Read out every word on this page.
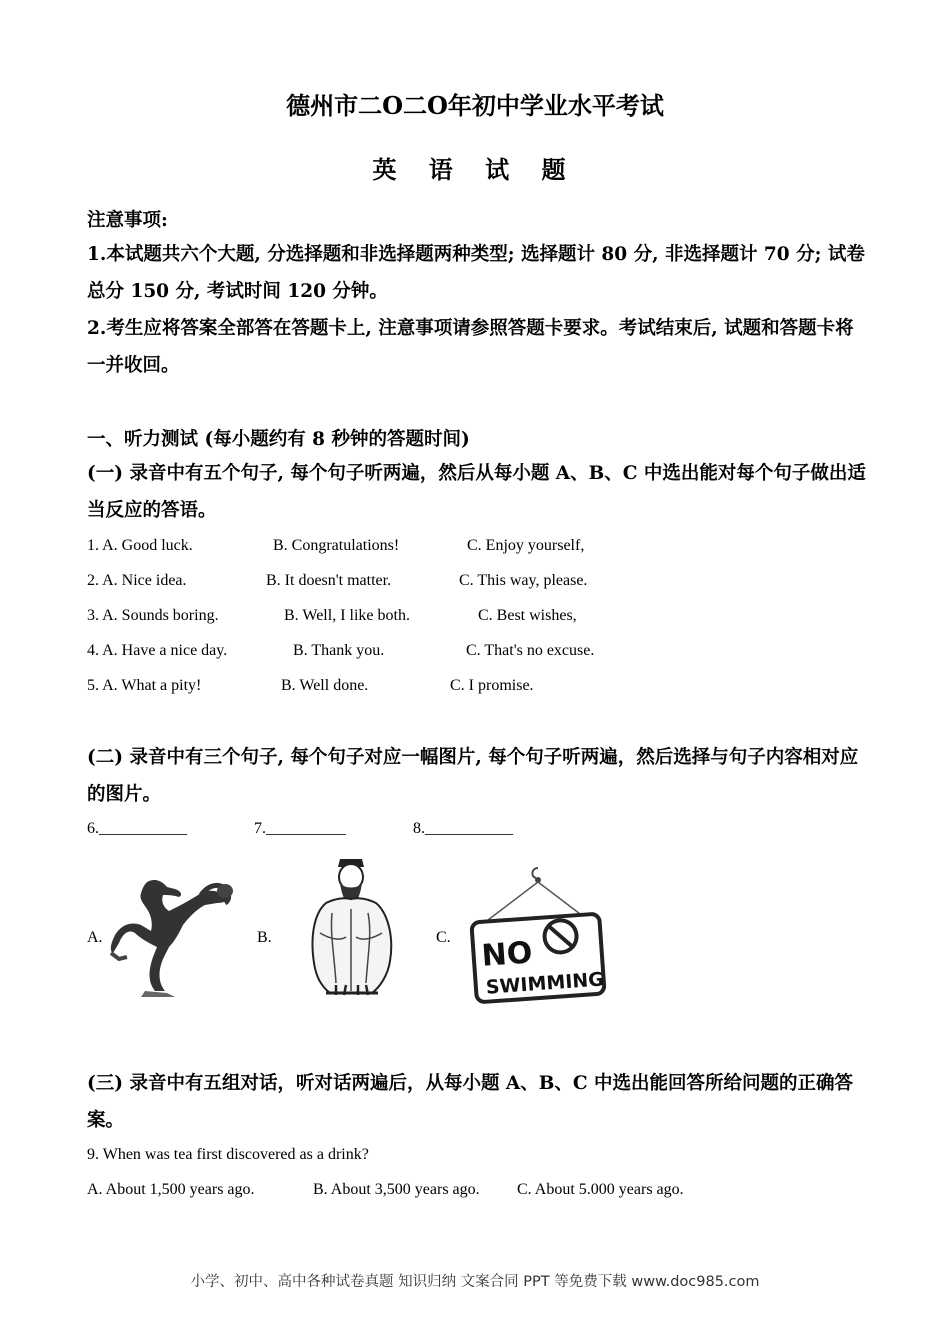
德州市二O二O年初中学业水平考试
英 语 试 题
注意事项:
1.本试题共六个大题, 分选择题和非选择题两种类型; 选择题计 80 分, 非选择题计 70 分; 试卷总分 150 分, 考试时间 120 分钟。
2.考生应将答案全部答在答题卡上, 注意事项请参照答题卡要求。考试结束后, 试题和答题卡将一并收回。
一、听力测试 (每小题约有 8 秒钟的答题时间)
(一) 录音中有五个句子, 每个句子听两遍，然后从每小题 A、B、C 中选出能对每个句子做出适当反应的答语。
1. A. Good luck.	B. Congratulations!	C. Enjoy yourself,
2. A. Nice idea.	B. It doesn't matter.	C. This way, please.
3. A. Sounds boring.	B. Well, I like both.	C. Best wishes,
4. A. Have a nice day.	B. Thank you.	C. That's no excuse.
5. A. What a pity!	B. Well done.	C. I promise.
(二) 录音中有三个句子, 每个句子对应一幅图片, 每个句子听两遍，然后选择与句子内容相对应的图片。
6.___________	7.__________	8.___________
A.	B.	C. NO
SWIMMING
(三) 录音中有五组对话，听对话两遍后，从每小题 A、B、C 中选出能回答所给问题的正确答案。
9. When was tea first discovered as a drink?
A. About 1,500 years ago.	B. About 3,500 years ago. C. About 5.000 years ago.
小学、初中、高中各种试卷真题 知识归纳 文案合同 PPT 等免费下载 www.doc985.com
